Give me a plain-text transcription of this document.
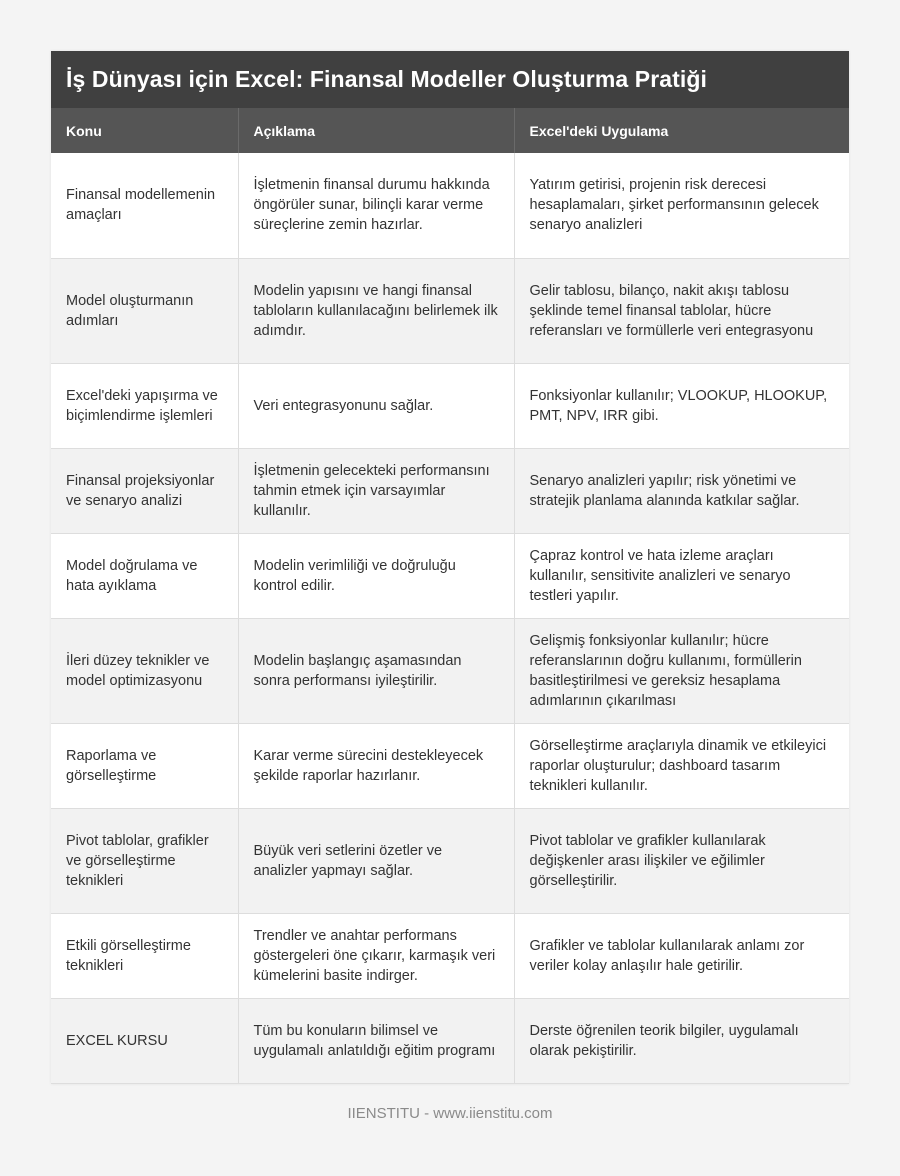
İş Dünyası için Excel: Finansal Modeller Oluşturma Pratiği
Konu	Açıklama	Excel'deki Uygulama
Finansal modellemenin amaçları	İşletmenin finansal durumu hakkında öngörüler sunar, bilinçli karar verme süreçlerine zemin hazırlar.	Yatırım getirisi, projenin risk derecesi hesaplamaları, şirket performansının gelecek senaryo analizleri
Model oluşturmanın adımları	Modelin yapısını ve hangi finansal tabloların kullanılacağını belirlemek ilk adımdır.	Gelir tablosu, bilanço, nakit akışı tablosu şeklinde temel finansal tablolar, hücre referansları ve formüllerle veri entegrasyonu
Excel'deki yapışırma ve biçimlendirme işlemleri	Veri entegrasyonunu sağlar.	Fonksiyonlar kullanılır; VLOOKUP, HLOOKUP, PMT, NPV, IRR gibi.
Finansal projeksiyonlar ve senaryo analizi	İşletmenin gelecekteki performansını tahmin etmek için varsayımlar kullanılır.	Senaryo analizleri yapılır; risk yönetimi ve stratejik planlama alanında katkılar sağlar.
Model doğrulama ve hata ayıklama	Modelin verimliliği ve doğruluğu kontrol edilir.	Çapraz kontrol ve hata izleme araçları kullanılır, sensitivite analizleri ve senaryo testleri yapılır.
İleri düzey teknikler ve model optimizasyonu	Modelin başlangıç aşamasından sonra performansı iyileştirilir.	Gelişmiş fonksiyonlar kullanılır; hücre referanslarının doğru kullanımı, formüllerin basitleştirilmesi ve gereksiz hesaplama adımlarının çıkarılması
Raporlama ve görselleştirme	Karar verme sürecini destekleyecek şekilde raporlar hazırlanır.	Görselleştirme araçlarıyla dinamik ve etkileyici raporlar oluşturulur; dashboard tasarım teknikleri kullanılır.
Pivot tablolar, grafikler ve görselleştirme teknikleri	Büyük veri setlerini özetler ve analizler yapmayı sağlar.	Pivot tablolar ve grafikler kullanılarak değişkenler arası ilişkiler ve eğilimler görselleştirilir.
Etkili görselleştirme teknikleri	Trendler ve anahtar performans göstergeleri öne çıkarır, karmaşık veri kümelerini basite indirger.	Grafikler ve tablolar kullanılarak anlamı zor veriler kolay anlaşılır hale getirilir.
EXCEL KURSU	Tüm bu konuların bilimsel ve uygulamalı anlatıldığı eğitim programı	Derste öğrenilen teorik bilgiler, uygulamalı olarak pekiştirilir.
IIENSTITU - www.iienstitu.com
